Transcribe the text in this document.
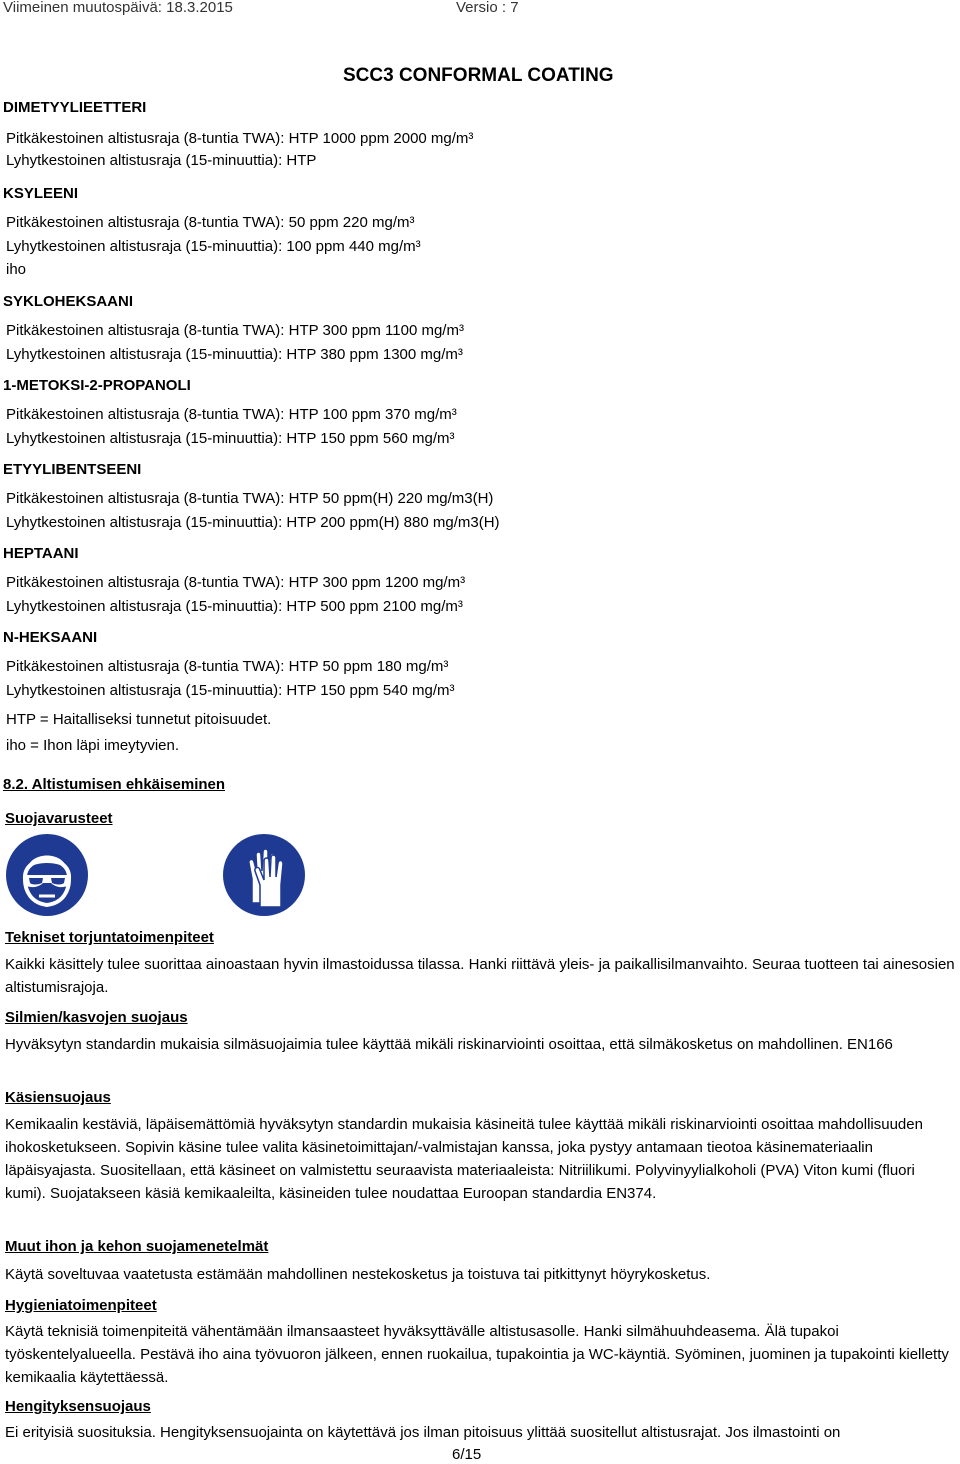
Viimeinen muutospäivä: 18.3.2015	Versio : 7
SCC3 CONFORMAL COATING
DIMETYYLIEETTERI
Pitkäkestoinen altistusraja (8-tuntia TWA): HTP 1000 ppm 2000 mg/m³
Lyhytkestoinen altistusraja (15-minuuttia): HTP
KSYLEENI
Pitkäkestoinen altistusraja (8-tuntia TWA): 50 ppm 220 mg/m³
Lyhytkestoinen altistusraja (15-minuuttia): 100 ppm 440 mg/m³
iho
SYKLOHEKSAANI
Pitkäkestoinen altistusraja (8-tuntia TWA): HTP 300 ppm 1100 mg/m³
Lyhytkestoinen altistusraja (15-minuuttia): HTP 380 ppm 1300 mg/m³
1-METOKSI-2-PROPANOLI
Pitkäkestoinen altistusraja (8-tuntia TWA): HTP 100 ppm 370 mg/m³
Lyhytkestoinen altistusraja (15-minuuttia): HTP 150 ppm 560 mg/m³
ETYYLIBENTSEENI
Pitkäkestoinen altistusraja (8-tuntia TWA): HTP 50 ppm(H) 220 mg/m3(H)
Lyhytkestoinen altistusraja (15-minuuttia): HTP 200 ppm(H) 880 mg/m3(H)
HEPTAANI
Pitkäkestoinen altistusraja (8-tuntia TWA): HTP 300 ppm 1200 mg/m³
Lyhytkestoinen altistusraja (15-minuuttia): HTP 500 ppm 2100 mg/m³
N-HEKSAANI
Pitkäkestoinen altistusraja (8-tuntia TWA): HTP 50 ppm 180 mg/m³
Lyhytkestoinen altistusraja (15-minuuttia): HTP 150 ppm 540 mg/m³
HTP = Haitalliseksi tunnetut pitoisuudet.
iho = Ihon läpi imeytyvien.
8.2. Altistumisen ehkäiseminen
Suojavarusteet
Tekniset torjuntatoimenpiteet
Kaikki käsittely tulee suorittaa ainoastaan hyvin ilmastoidussa tilassa. Hanki riittävä yleis- ja paikallisilmanvaihto. Seuraa tuotteen tai ainesosien altistumisrajoja.
Silmien/kasvojen suojaus
Hyväksytyn standardin mukaisia silmäsuojaimia tulee käyttää mikäli riskinarviointi osoittaa, että silmäkosketus on mahdollinen. EN166
Käsiensuojaus
Kemikaalin kestäviä, läpäisemättömiä hyväksytyn standardin mukaisia käsineitä tulee käyttää mikäli riskinarviointi osoittaa mahdollisuuden ihokosketukseen. Sopivin käsine tulee valita käsinetoimittajan/-valmistajan kanssa, joka pystyy antamaan tieotoa käsinemateriaalin läpäisyajasta. Suositellaan, että käsineet on valmistettu seuraavista materiaaleista: Nitriilikumi. Polyvinyylialkoholi (PVA) Viton kumi (fluori kumi). Suojatakseen käsiä kemikaaleilta, käsineiden tulee noudattaa Euroopan standardia EN374.
Muut ihon ja kehon suojamenetelmät
Käytä soveltuvaa vaatetusta estämään mahdollinen nestekosketus ja toistuva tai pitkittynyt höyrykosketus.
Hygieniatoimenpiteet
Käytä teknisiä toimenpiteitä vähentämään ilmansaasteet hyväksyttävälle altistusasolle. Hanki silmähuuhdeasema. Älä tupakoi työskentelyalueella. Pestävä iho aina työvuoron jälkeen, ennen ruokailua, tupakointia ja WC-käyntiä. Syöminen, juominen ja tupakointi kielletty kemikaalia käytettäessä.
Hengityksensuojaus
Ei erityisiä suosituksia. Hengityksensuojainta on käytettävä jos ilman pitoisuus ylittää suositellut altistusrajat. Jos ilmastointi on
6/15
